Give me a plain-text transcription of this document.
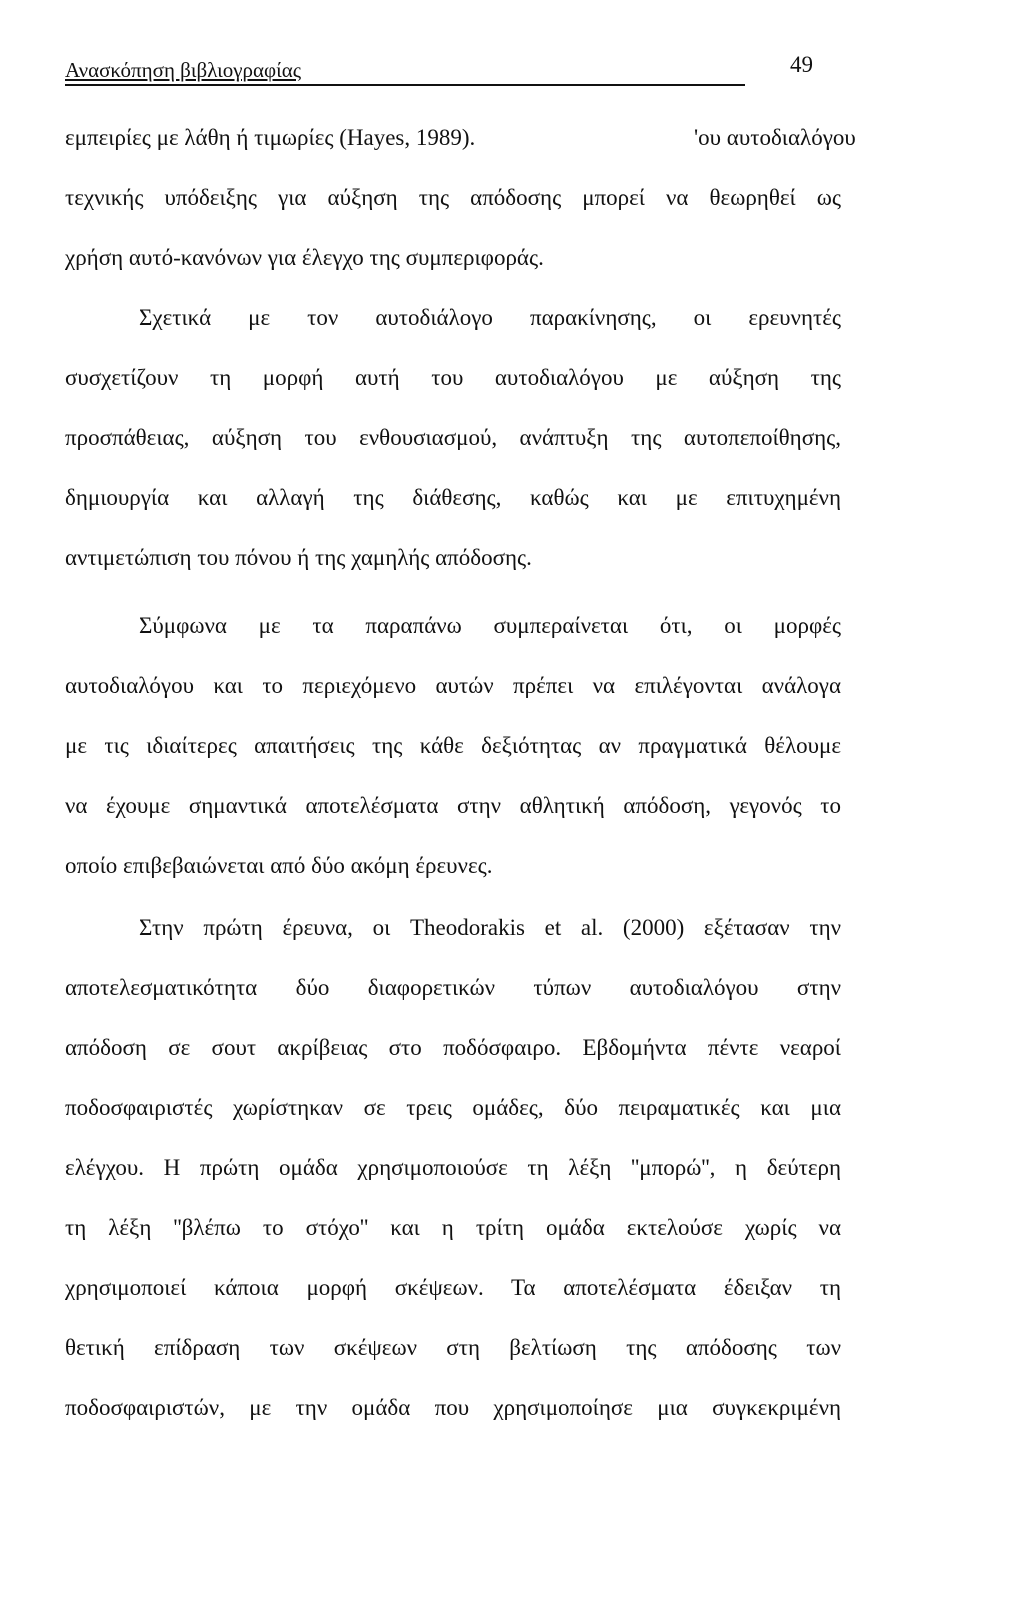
Ανασκόπηση βιβλιογραφίας	49
εμπειρίες με λάθη ή τιμωρίες (Hayes, 1989).	'ου αυτοδιαλόγου
τεχνικής υπόδειξης για αύξηση της απόδοσης μπορεί να θεωρηθεί ως
χρήση αυτό-κανόνων για έλεγχο της συμπεριφοράς.
Σχετικά με τον αυτοδιάλογο παρακίνησης, οι ερευνητές
συσχετίζουν τη μορφή αυτή του αυτοδιαλόγου με αύξηση της
προσπάθειας, αύξηση του ενθουσιασμού, ανάπτυξη της αυτοπεποίθησης,
δημιουργία και αλλαγή της διάθεσης, καθώς και με επιτυχημένη
αντιμετώπιση του πόνου ή της χαμηλής απόδοσης.
Σύμφωνα με τα παραπάνω συμπεραίνεται ότι, οι μορφές
αυτοδιαλόγου και το περιεχόμενο αυτών πρέπει να επιλέγονται ανάλογα
με τις ιδιαίτερες απαιτήσεις της κάθε δεξιότητας αν πραγματικά θέλουμε
να έχουμε σημαντικά αποτελέσματα στην αθλητική απόδοση, γεγονός το
οποίο επιβεβαιώνεται από δύο ακόμη έρευνες.
Στην πρώτη έρευνα, οι Theodorakis et al. (2000) εξέτασαν την
αποτελεσματικότητα δύο διαφορετικών τύπων αυτοδιαλόγου στην
απόδοση σε σουτ ακρίβειας στο ποδόσφαιρο. Εβδομήντα πέντε νεαροί
ποδοσφαιριστές χωρίστηκαν σε τρεις ομάδες, δύο πειραματικές και μια
ελέγχου. Η πρώτη ομάδα χρησιμοποιούσε τη λέξη ''μπορώ'', η δεύτερη
τη λέξη ''βλέπω το στόχο'' και η τρίτη ομάδα εκτελούσε χωρίς να
χρησιμοποιεί κάποια μορφή σκέψεων. Τα αποτελέσματα έδειξαν τη
θετική επίδραση των σκέψεων στη βελτίωση της απόδοσης των
ποδοσφαιριστών, με την ομάδα που χρησιμοποίησε μια συγκεκριμένη
